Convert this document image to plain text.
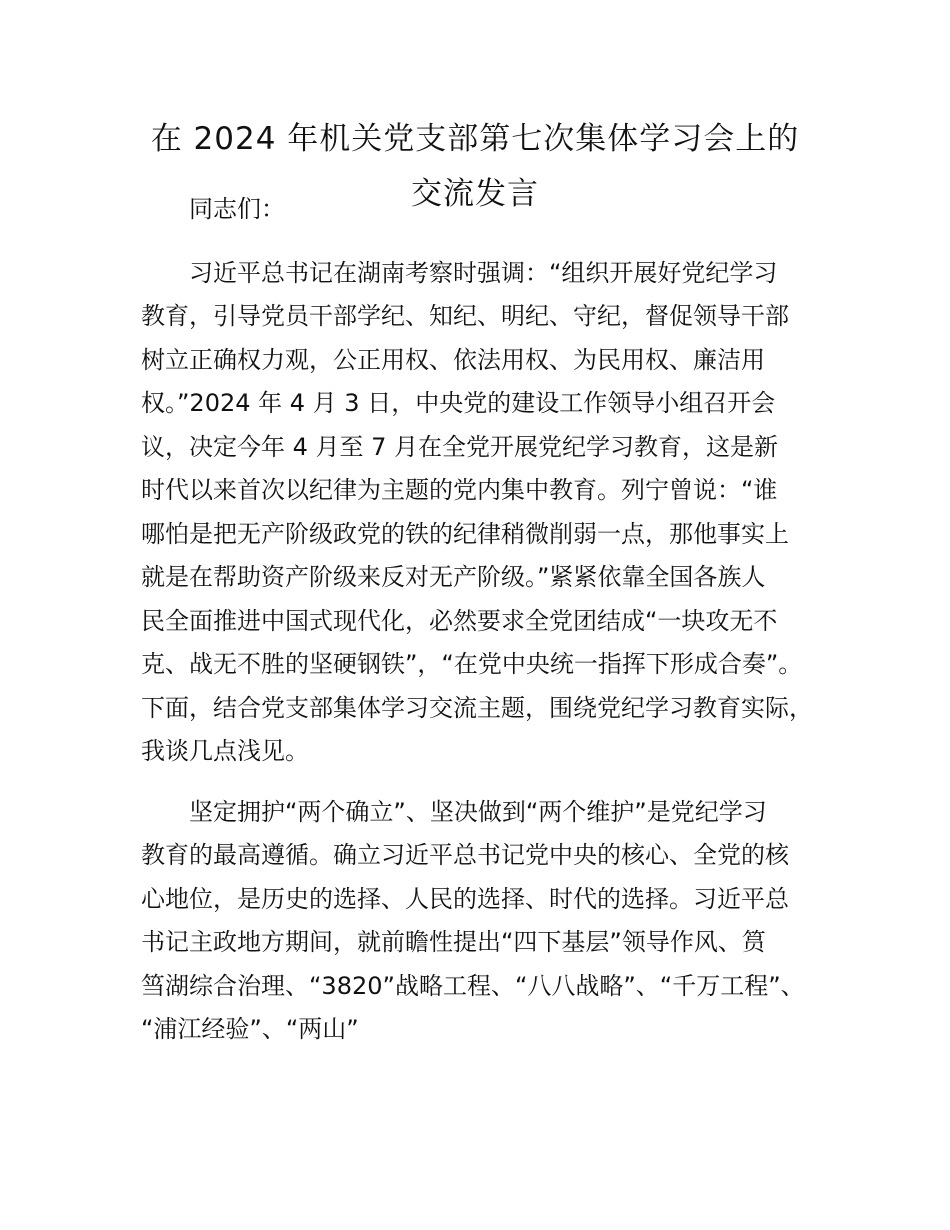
在 2024 年机关党支部第七次集体学习会上的
交流发言
同志们：
习近平总书记在湖南考察时强调：“组织开展好党纪学习
教育，引导党员干部学纪、知纪、明纪、守纪，督促领导干部
树立正确权力观，公正用权、依法用权、为民用权、廉洁用
权。”2024 年 4 月 3 日，中央党的建设工作领导小组召开会
议，决定今年 4 月至 7 月在全党开展党纪学习教育，这是新
时代以来首次以纪律为主题的党内集中教育。列宁曾说：“谁
哪怕是把无产阶级政党的铁的纪律稍微削弱一点，那他事实上
就是在帮助资产阶级来反对无产阶级。”紧紧依靠全国各族人
民全面推进中国式现代化，必然要求全党团结成“一块攻无不
克、战无不胜的坚硬钢铁”，“在党中央统一指挥下形成合奏”。
下面，结合党支部集体学习交流主题，围绕党纪学习教育实际，
我谈几点浅见。
坚定拥护“两个确立”、坚决做到“两个维护”是党纪学习
教育的最高遵循。确立习近平总书记党中央的核心、全党的核
心地位，是历史的选择、人民的选择、时代的选择。习近平总
书记主政地方期间，就前瞻性提出“四下基层”领导作风、筼
筜湖综合治理、“3820”战略工程、“八八战略”、“千万工程”、
“浦江经验”、“两山”
